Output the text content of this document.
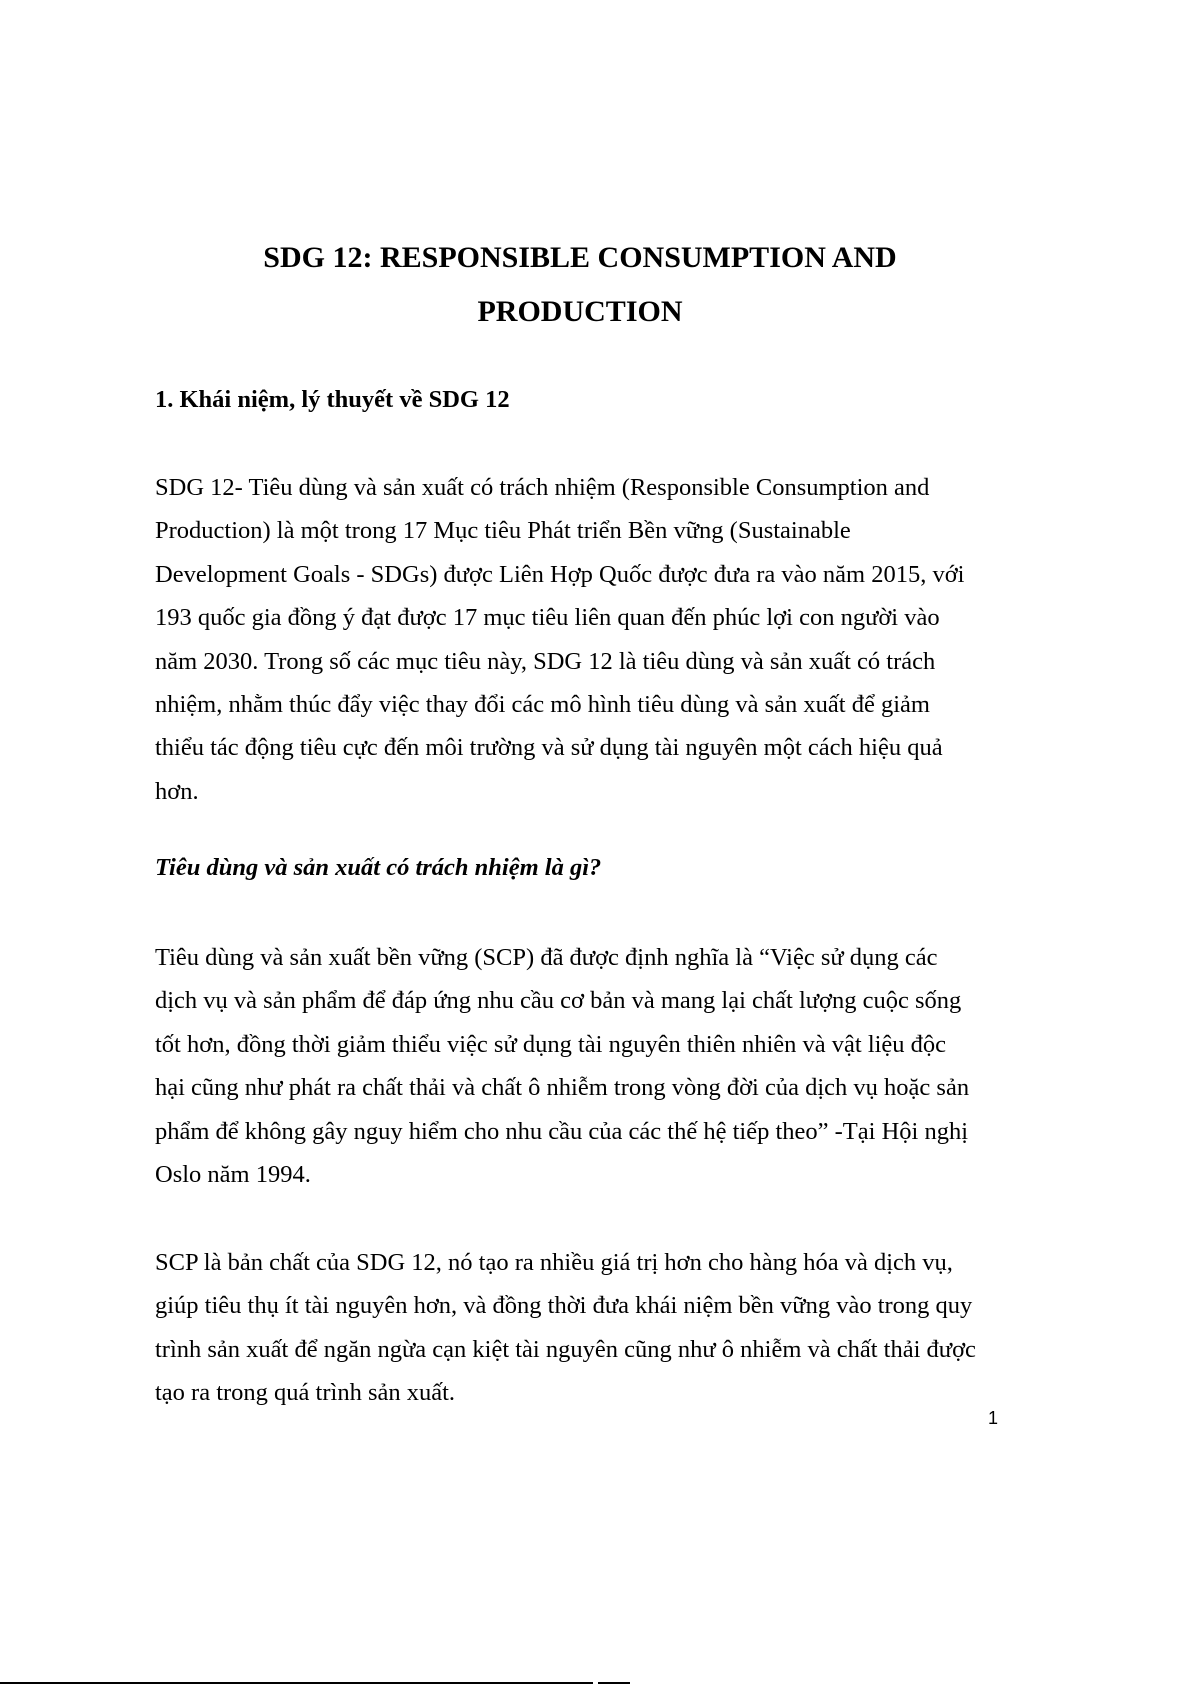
SDG 12: RESPONSIBLE CONSUMPTION AND
PRODUCTION
1. Khái niệm, lý thuyết về SDG 12
SDG 12- Tiêu dùng và sản xuất có trách nhiệm (Responsible Consumption and
Production) là một trong 17 Mục tiêu Phát triển Bền vững (Sustainable
Development Goals - SDGs) được Liên Hợp Quốc được đưa ra vào năm 2015, với
193 quốc gia đồng ý đạt được 17 mục tiêu liên quan đến phúc lợi con người vào
năm 2030. Trong số các mục tiêu này, SDG 12 là tiêu dùng và sản xuất có trách
nhiệm, nhằm thúc đẩy việc thay đổi các mô hình tiêu dùng và sản xuất để giảm
thiểu tác động tiêu cực đến môi trường và sử dụng tài nguyên một cách hiệu quả
hơn.
Tiêu dùng và sản xuất có trách nhiệm là gì?
Tiêu dùng và sản xuất bền vững (SCP) đã được định nghĩa là “Việc sử dụng các
dịch vụ và sản phẩm để đáp ứng nhu cầu cơ bản và mang lại chất lượng cuộc sống
tốt hơn, đồng thời giảm thiểu việc sử dụng tài nguyên thiên nhiên và vật liệu độc
hại cũng như phát ra chất thải và chất ô nhiễm trong vòng đời của dịch vụ hoặc sản
phẩm để không gây nguy hiểm cho nhu cầu của các thế hệ tiếp theo” -Tại Hội nghị
Oslo năm 1994.
SCP là bản chất của SDG 12, nó tạo ra nhiều giá trị hơn cho hàng hóa và dịch vụ,
giúp tiêu thụ ít tài nguyên hơn, và đồng thời đưa khái niệm bền vững vào trong quy
trình sản xuất để ngăn ngừa cạn kiệt tài nguyên cũng như ô nhiễm và chất thải được
tạo ra trong quá trình sản xuất.
1
